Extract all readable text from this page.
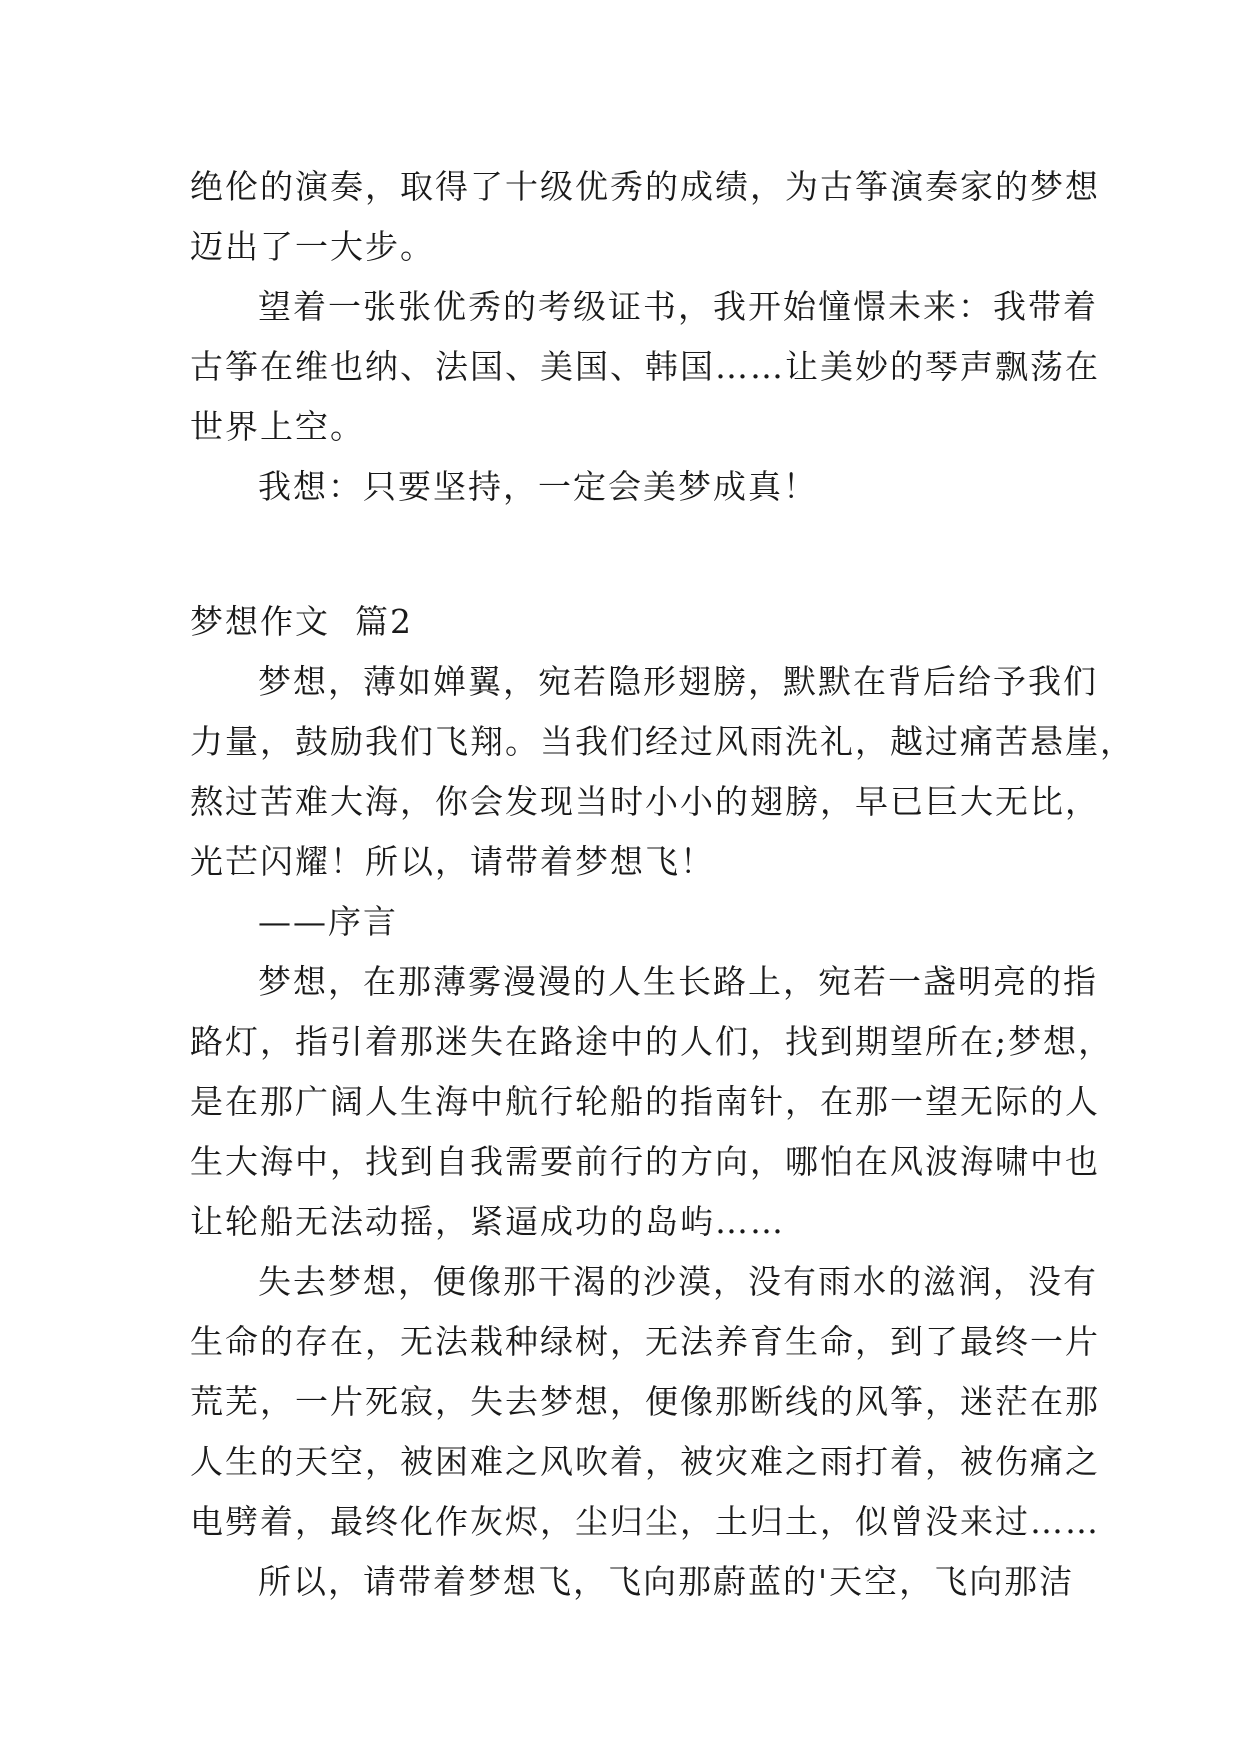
绝伦的演奏，取得了十级优秀的成绩，为古筝演奏家的梦想
迈出了一大步。
望着一张张优秀的考级证书，我开始憧憬未来：我带着
古筝在维也纳、法国、美国、韩国……让美妙的琴声飘荡在
世界上空。
我想：只要坚持，一定会美梦成真！
梦想作文  篇2
梦想，薄如婵翼，宛若隐形翅膀，默默在背后给予我们
力量，鼓励我们飞翔。当我们经过风雨洗礼，越过痛苦悬崖，
熬过苦难大海，你会发现当时小小的翅膀，早已巨大无比，
光芒闪耀！所以，请带着梦想飞！
——序言
梦想，在那薄雾漫漫的人生长路上，宛若一盏明亮的指
路灯，指引着那迷失在路途中的人们，找到期望所在;梦想，
是在那广阔人生海中航行轮船的指南针，在那一望无际的人
生大海中，找到自我需要前行的方向，哪怕在风波海啸中也
让轮船无法动摇，紧逼成功的岛屿……
失去梦想，便像那干渴的沙漠，没有雨水的滋润，没有
生命的存在，无法栽种绿树，无法养育生命，到了最终一片
荒芜，一片死寂，失去梦想，便像那断线的风筝，迷茫在那
人生的天空，被困难之风吹着，被灾难之雨打着，被伤痛之
电劈着，最终化作灰烬，尘归尘，土归土，似曾没来过……
所以，请带着梦想飞，飞向那蔚蓝的'天空，飞向那洁
